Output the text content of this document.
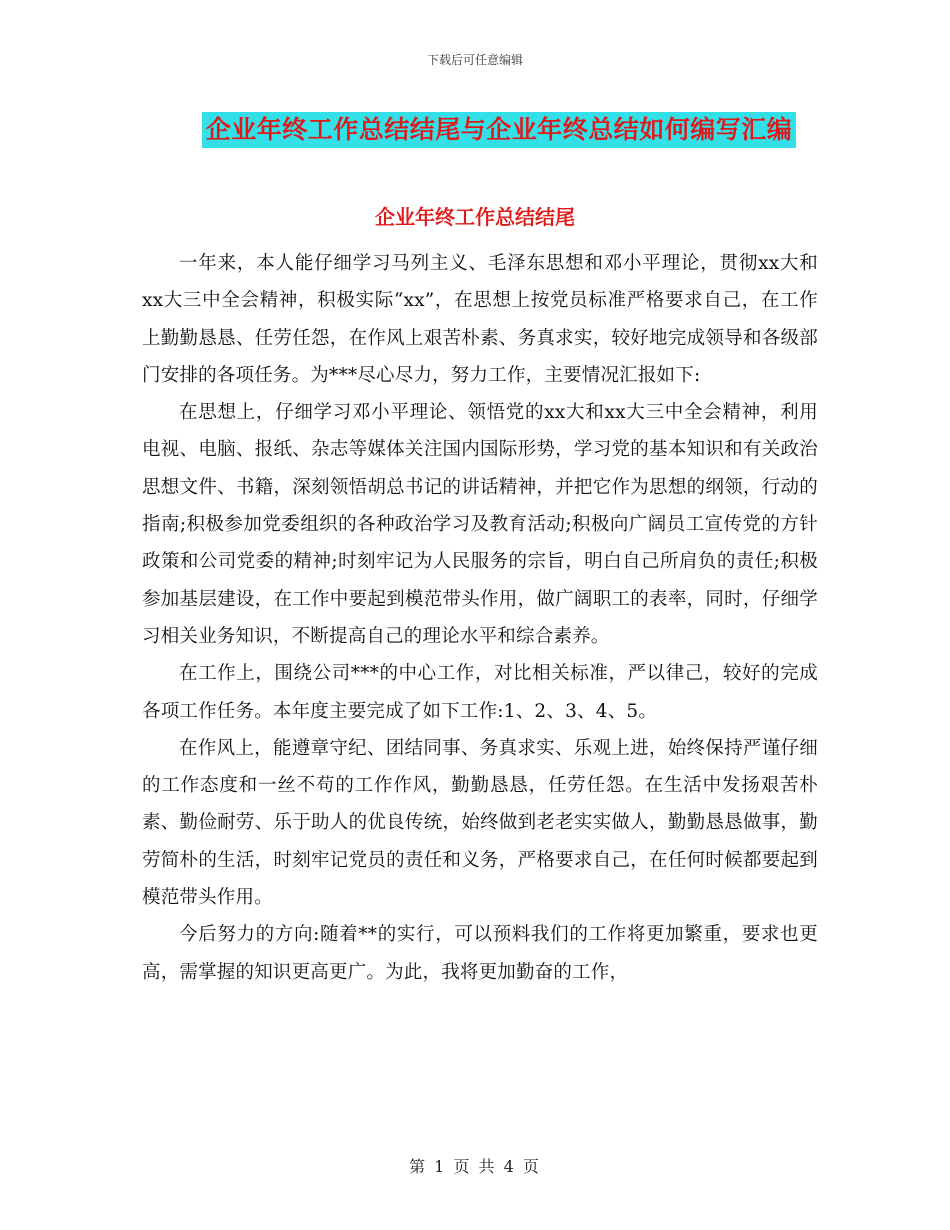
下载后可任意编辑
企业年终工作总结结尾与企业年终总结如何编写汇编
企业年终工作总结结尾

一年来，本人能仔细学习马列主义、毛泽东思想和邓小平理论，贯彻xx大和xx大三中全会精神，积极实际“xx”，在思想上按党员标准严格要求自己，在工作上勤勤恳恳、任劳任怨，在作风上艰苦朴素、务真求实，较好地完成领导和各级部门安排的各项任务。为***尽心尽力，努力工作，主要情况汇报如下:

在思想上，仔细学习邓小平理论、领悟党的xx大和xx大三中全会精神，利用电视、电脑、报纸、杂志等媒体关注国内国际形势，学习党的基本知识和有关政治思想文件、书籍，深刻领悟胡总书记的讲话精神，并把它作为思想的纲领，行动的指南;积极参加党委组织的各种政治学习及教育活动;积极向广阔员工宣传党的方针政策和公司党委的精神;时刻牢记为人民服务的宗旨，明白自己所肩负的责任;积极参加基层建设，在工作中要起到模范带头作用，做广阔职工的表率，同时，仔细学习相关业务知识，不断提高自己的理论水平和综合素养。

在工作上，围绕公司***的中心工作，对比相关标准，严以律己，较好的完成各项工作任务。本年度主要完成了如下工作:1、2、3、4、5。

在作风上，能遵章守纪、团结同事、务真求实、乐观上进，始终保持严谨仔细的工作态度和一丝不苟的工作作风，勤勤恳恳，任劳任怨。在生活中发扬艰苦朴素、勤俭耐劳、乐于助人的优良传统，始终做到老老实实做人，勤勤恳恳做事，勤劳简朴的生活，时刻牢记党员的责任和义务，严格要求自己，在任何时候都要起到模范带头作用。

今后努力的方向:随着**的实行，可以预料我们的工作将更加繁重，要求也更高，需掌握的知识更高更广。为此，我将更加勤奋的工作，

第 1 页 共 4 页
